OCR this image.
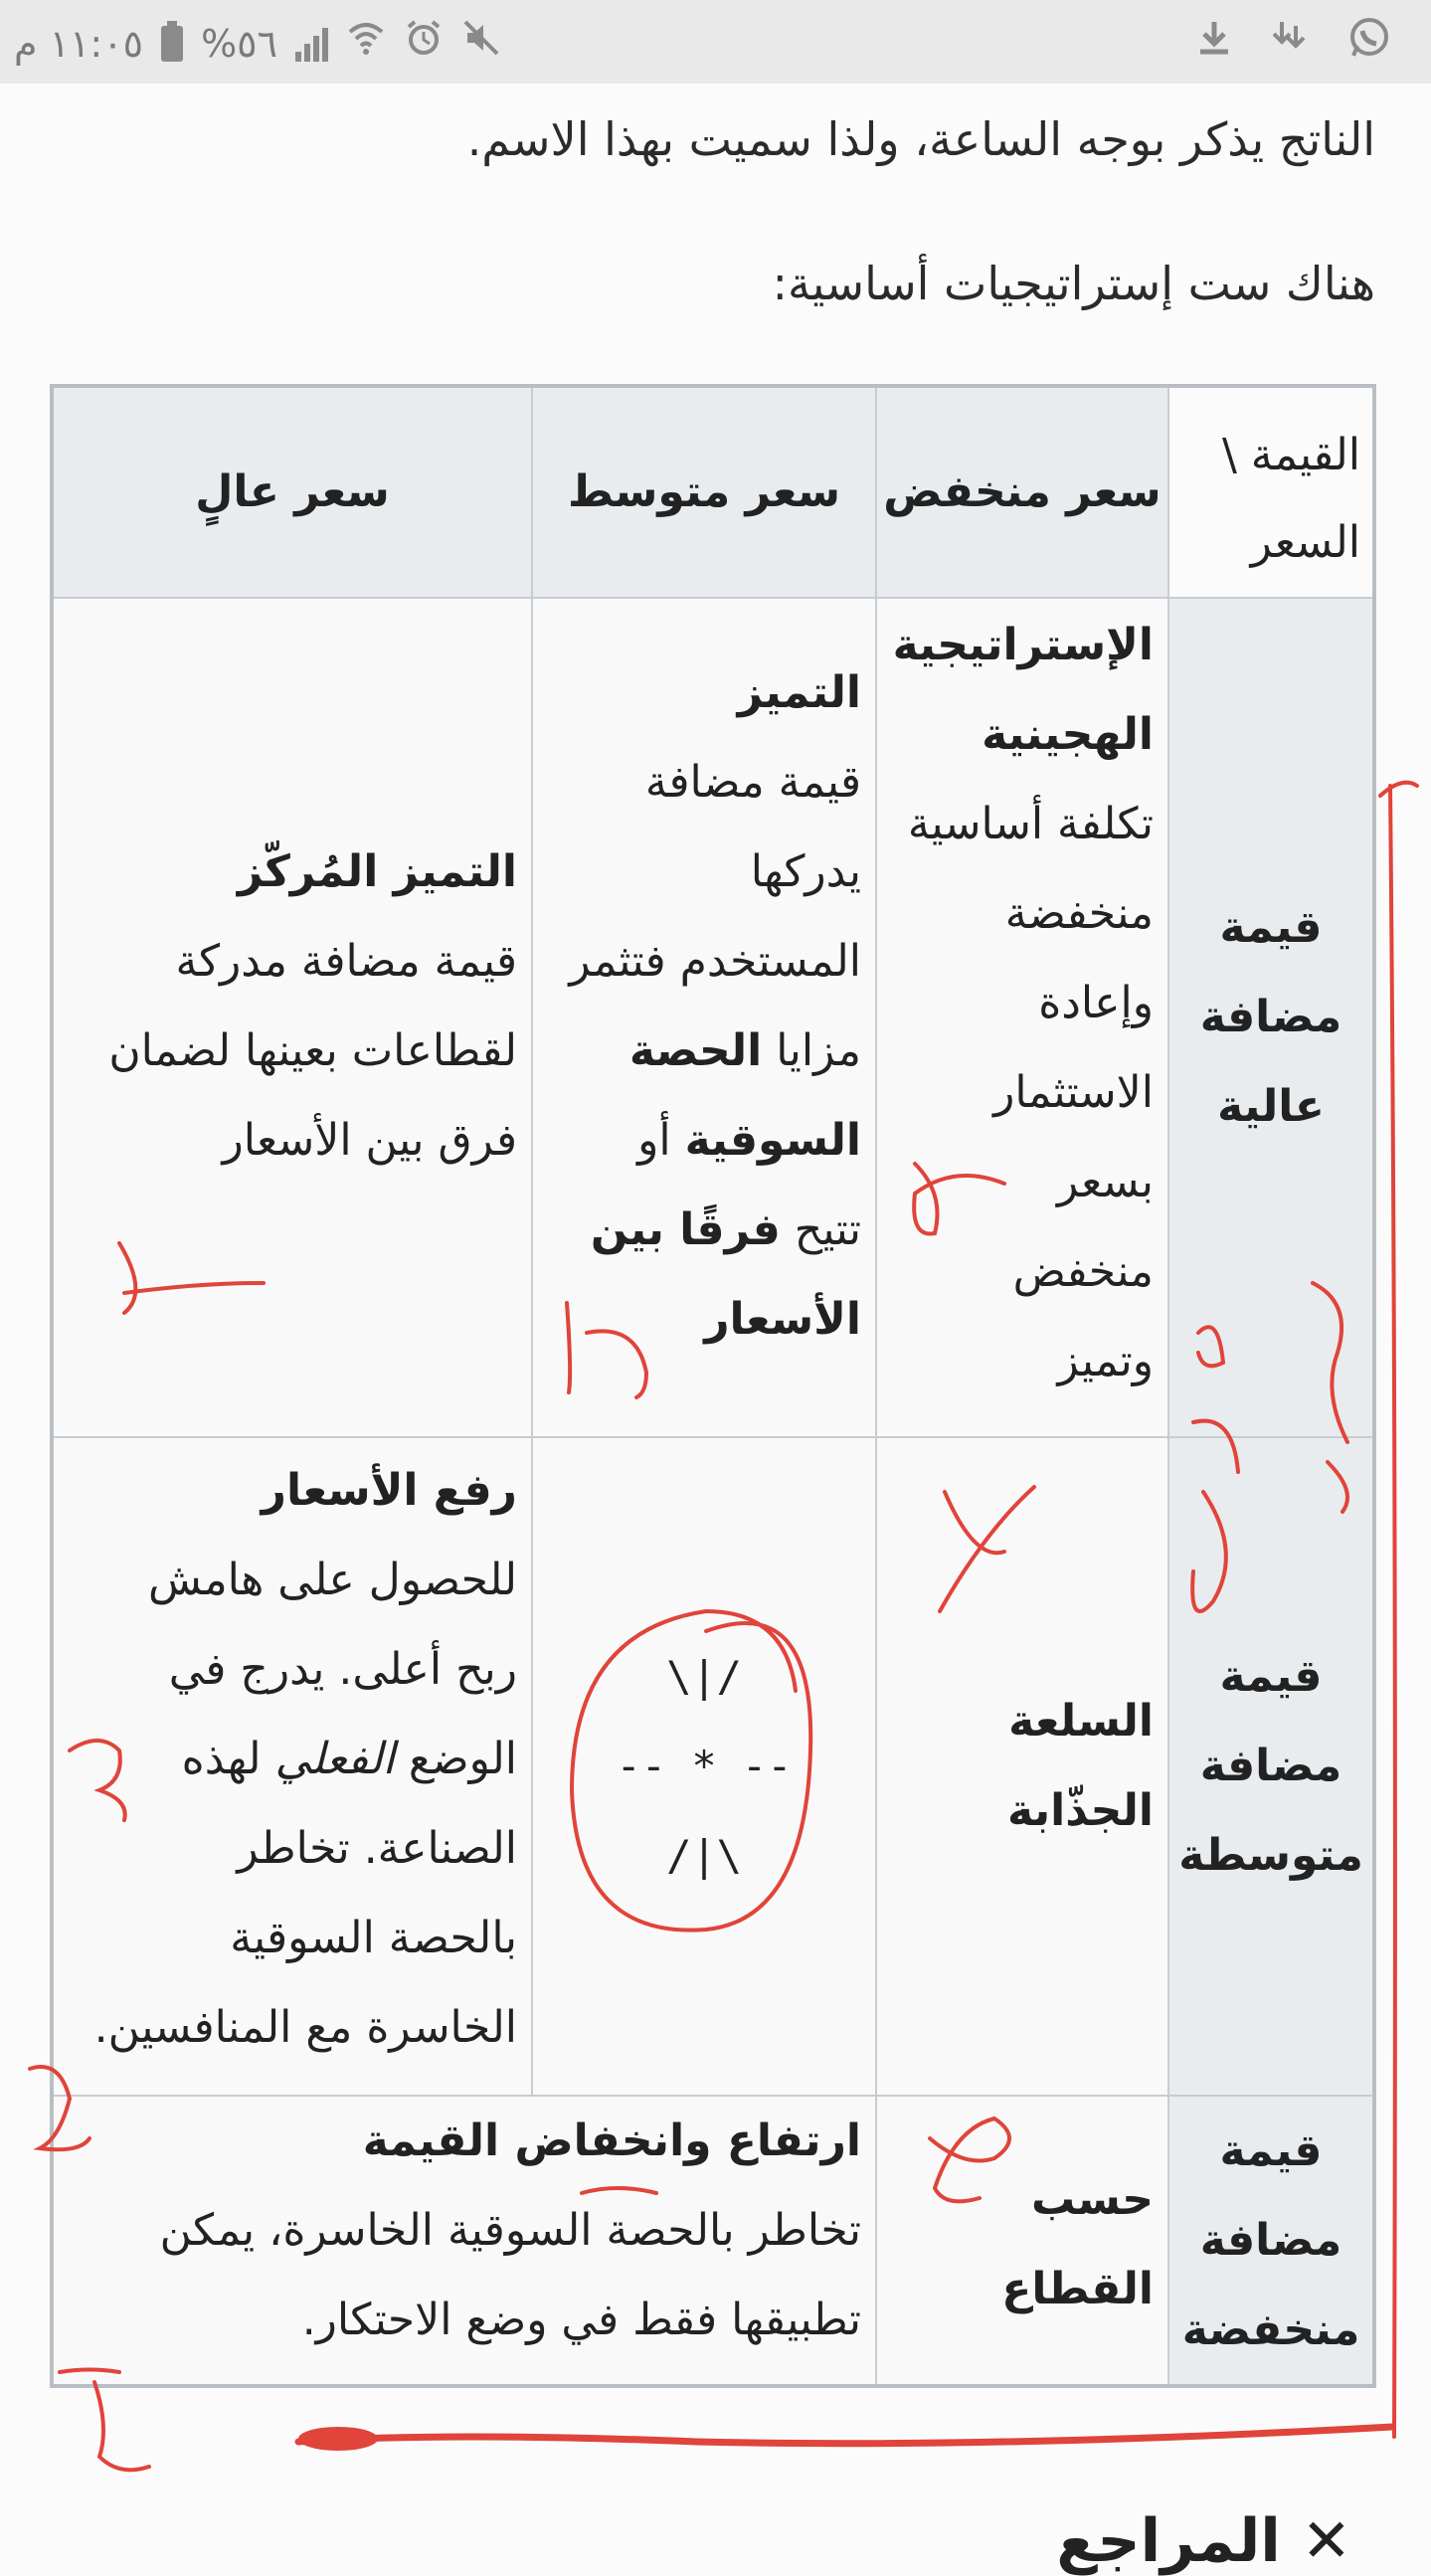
١١:٠٥ م %٥٦
الناتج يذكر بوجه الساعة، ولذا سميت بهذا الاسم.
هناك ست إستراتيجيات أساسية:
القيمة \
السعر
سعر منخفض
سعر متوسط
سعر عالٍ
قيمة
مضافة
عالية
الإستراتيجية
الهجينية
تكلفة أساسية
منخفضة
وإعادة
الاستثمار
بسعر
منخفض
وتميز
التميز
قيمة مضافة
يدركها
المستخدم فتثمر
مزايا الحصة
السوقية أو
تتيح فرقًا بين
الأسعار
التميز المُركّز
قيمة مضافة مدركة
لقطاعات بعينها لضمان
فرق بين الأسعار
قيمة
مضافة
متوسطة
السلعة
الجذّابة
/|\
-- * --
\|/
رفع الأسعار
للحصول على هامش
ربح أعلى. يدرج في
الوضع الفعلي لهذه
الصناعة. تخاطر
بالحصة السوقية
الخاسرة مع المنافسين.
قيمة
مضافة
منخفضة
حسب
القطاع
ارتفاع وانخفاض القيمة
تخاطر بالحصة السوقية الخاسرة، يمكن
تطبيقها فقط في وضع الاحتكار.
✕ المراجع
